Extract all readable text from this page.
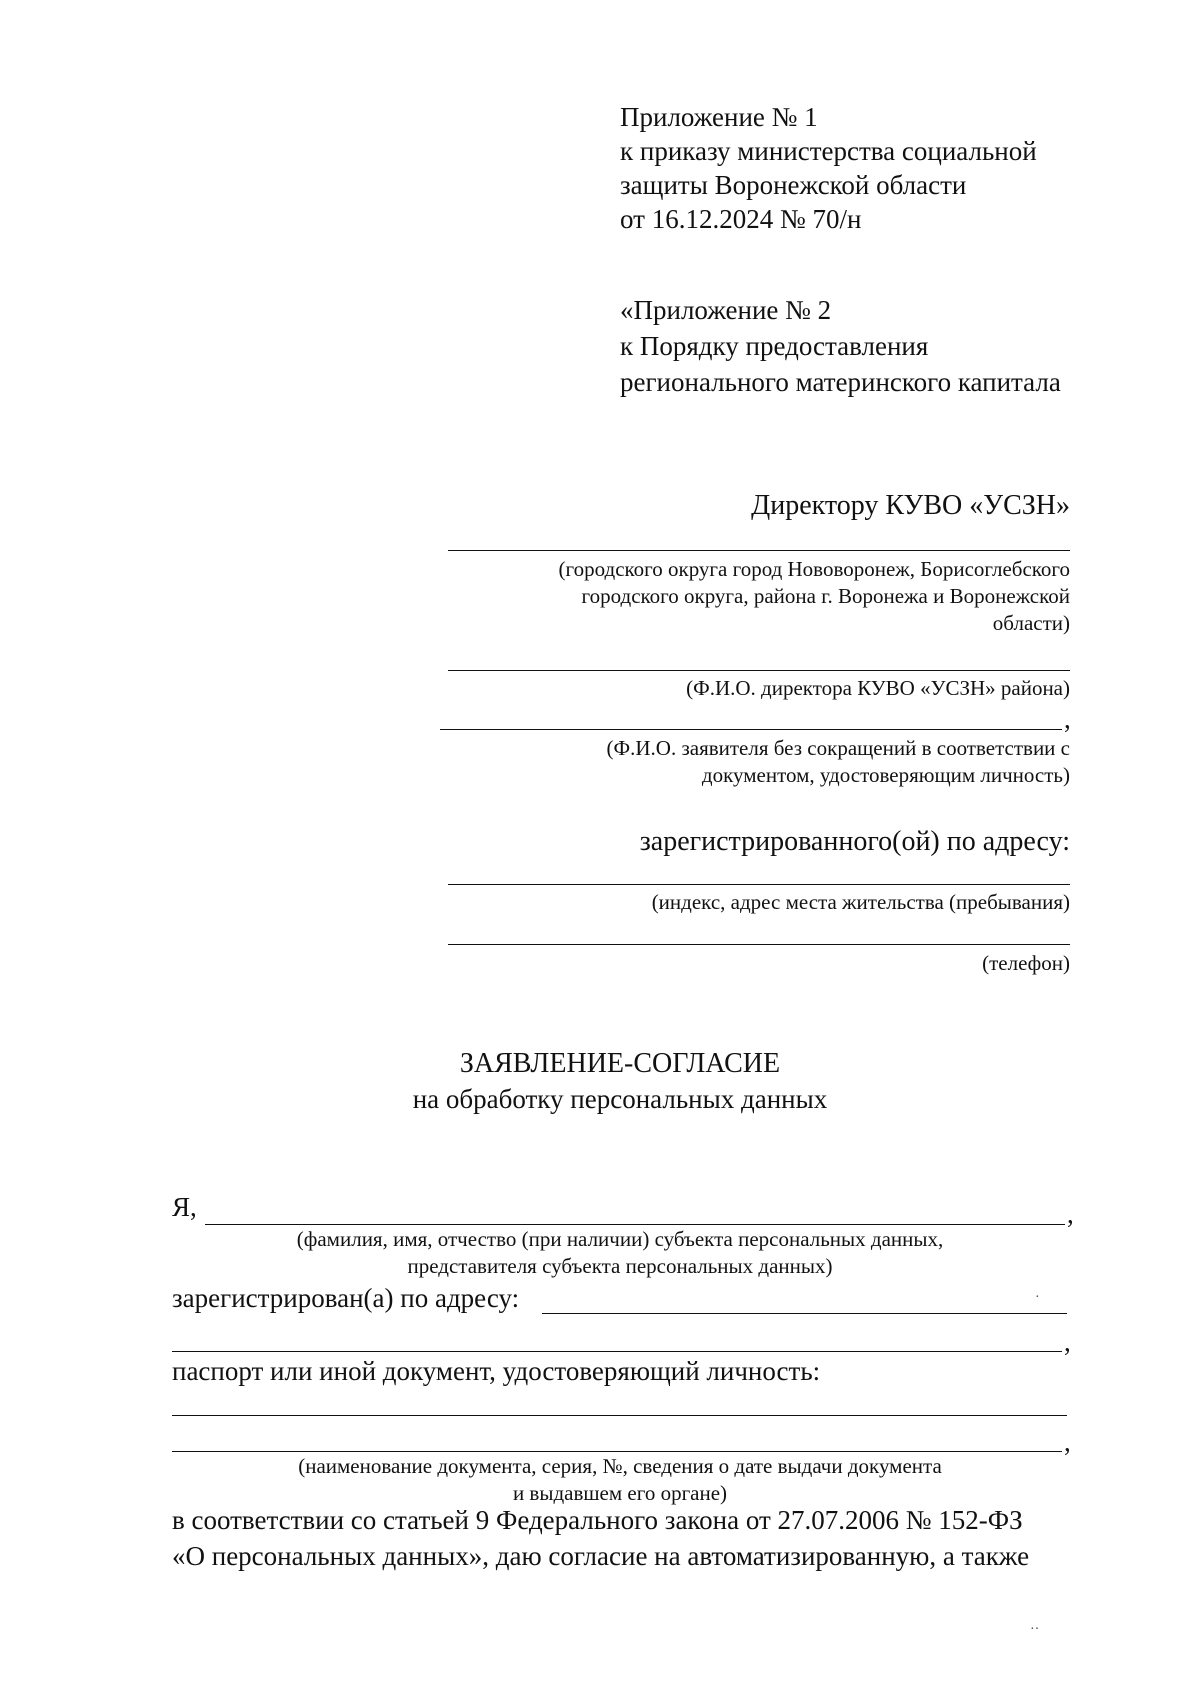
Приложение № 1
к приказу министерства социальной
защиты Воронежской области
от 16.12.2024 № 70/н
«Приложение № 2
к Порядку предоставления
регионального материнского капитала
Директору КУВО «УСЗН»
(городского округа город Нововоронеж, Борисоглебского
городского округа, района г. Воронежа и Воронежской
области)
(Ф.И.О. директора КУВО «УСЗН» района)
,
(Ф.И.О. заявителя без сокращений в соответствии с
документом, удостоверяющим личность)
зарегистрированного(ой) по адресу:
(индекс, адрес места жительства (пребывания)
(телефон)
ЗАЯВЛЕНИЕ-СОГЛАСИЕ
на обработку персональных данных
Я,	,
(фамилия, имя, отчество (при наличии) субъекта персональных данных,
представителя субъекта персональных данных)
зарегистрирован(а) по адресу:	·
,
паспорт или иной документ, удостоверяющий личность:
,
(наименование документа, серия, №, сведения о дате выдачи документа
и выдавшем его органе)
в соответствии со статьей 9 Федерального закона от 27.07.2006 № 152-ФЗ
«О персональных данных», даю согласие на автоматизированную, а также
··
